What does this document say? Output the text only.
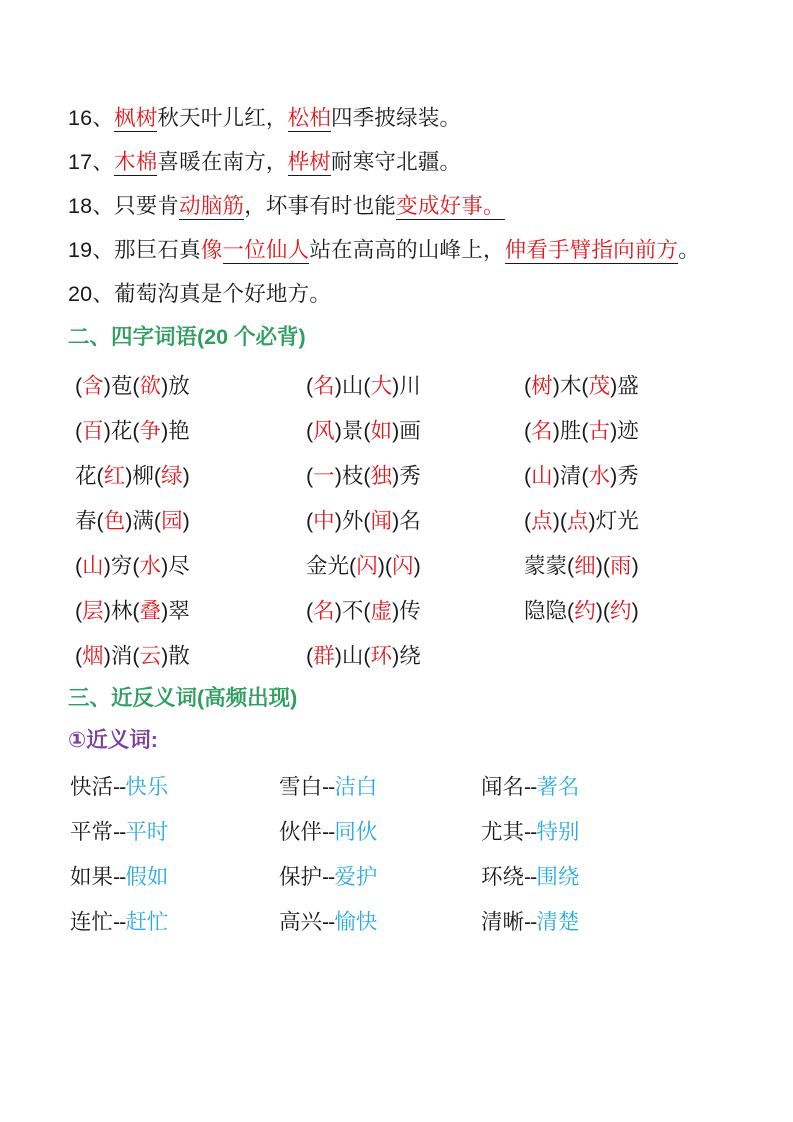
16、枫树秋天叶儿红，松柏四季披绿装。
17、木棉喜暖在南方，桦树耐寒守北疆。
18、只要肯动脑筋，坏事有时也能变成好事。
19、那巨石真像一位仙人站在高高的山峰上，伸看手臂指向前方。
20、葡萄沟真是个好地方。
二、四字词语(20 个必背)
(含)苞(欲)放	(名)山(大)川	(树)木(茂)盛
(百)花(争)艳	(风)景(如)画	(名)胜(古)迹
花(红)柳(绿)	(一)枝(独)秀	(山)清(水)秀
春(色)满(园)	(中)外(闻)名	(点)(点)灯光
(山)穷(水)尽	金光(闪)(闪)	蒙蒙(细)(雨)
(层)林(叠)翠	(名)不(虚)传	隐隐(约)(约)
(烟)消(云)散	(群)山(环)绕
三、近反义词(高频出现)
①近义词:
快活--快乐	雪白--洁白	闻名--著名
平常--平时	伙伴--同伙	尤其--特别
如果--假如	保护--爱护	环绕--围绕
连忙--赶忙	高兴--愉快	清晰--清楚
